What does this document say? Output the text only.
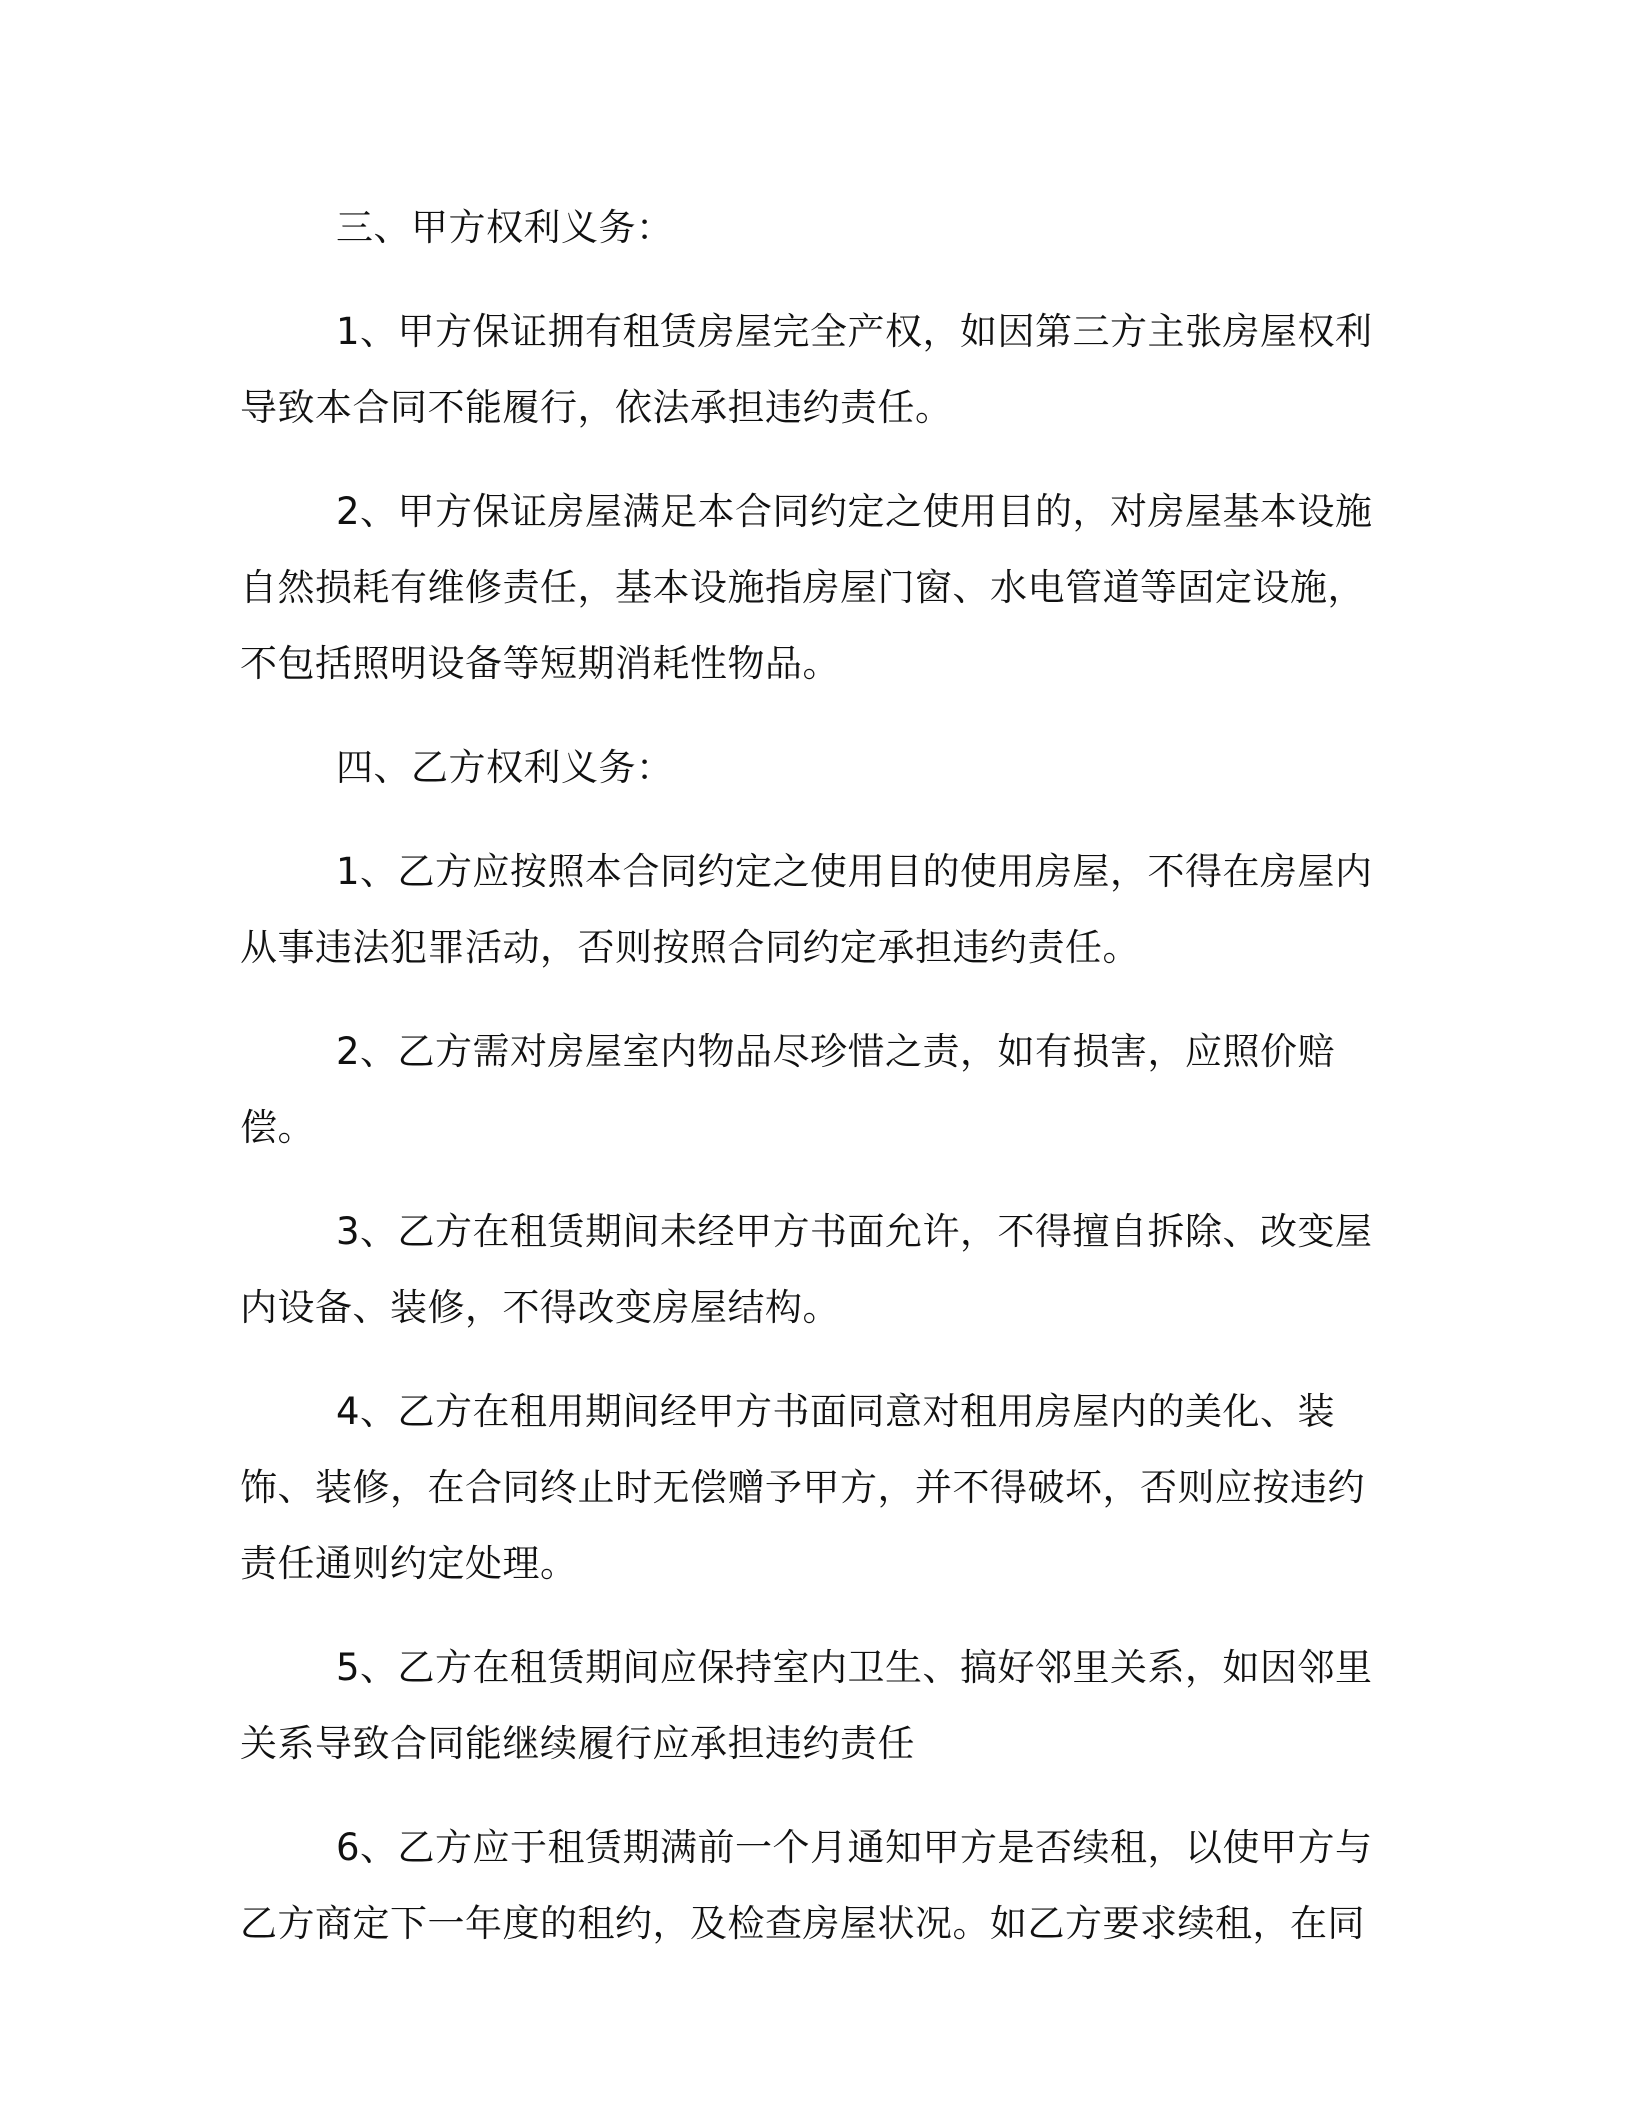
三、甲方权利义务：

1、甲方保证拥有租赁房屋完全产权，如因第三方主张房屋权利导致本合同不能履行，依法承担违约责任。

2、甲方保证房屋满足本合同约定之使用目的，对房屋基本设施自然损耗有维修责任，基本设施指房屋门窗、水电管道等固定设施，不包括照明设备等短期消耗性物品。

四、乙方权利义务：

1、乙方应按照本合同约定之使用目的使用房屋，不得在房屋内从事违法犯罪活动，否则按照合同约定承担违约责任。

2、乙方需对房屋室内物品尽珍惜之责，如有损害，应照价赔偿。

3、乙方在租赁期间未经甲方书面允许，不得擅自拆除、改变屋内设备、装修，不得改变房屋结构。

4、乙方在租用期间经甲方书面同意对租用房屋内的美化、装饰、装修，在合同终止时无偿赠予甲方，并不得破坏，否则应按违约责任通则约定处理。

5、乙方在租赁期间应保持室内卫生、搞好邻里关系，如因邻里关系导致合同能继续履行应承担违约责任

6、乙方应于租赁期满前一个月通知甲方是否续租，以使甲方与乙方商定下一年度的租约，及检查房屋状况。如乙方要求续租，在同
